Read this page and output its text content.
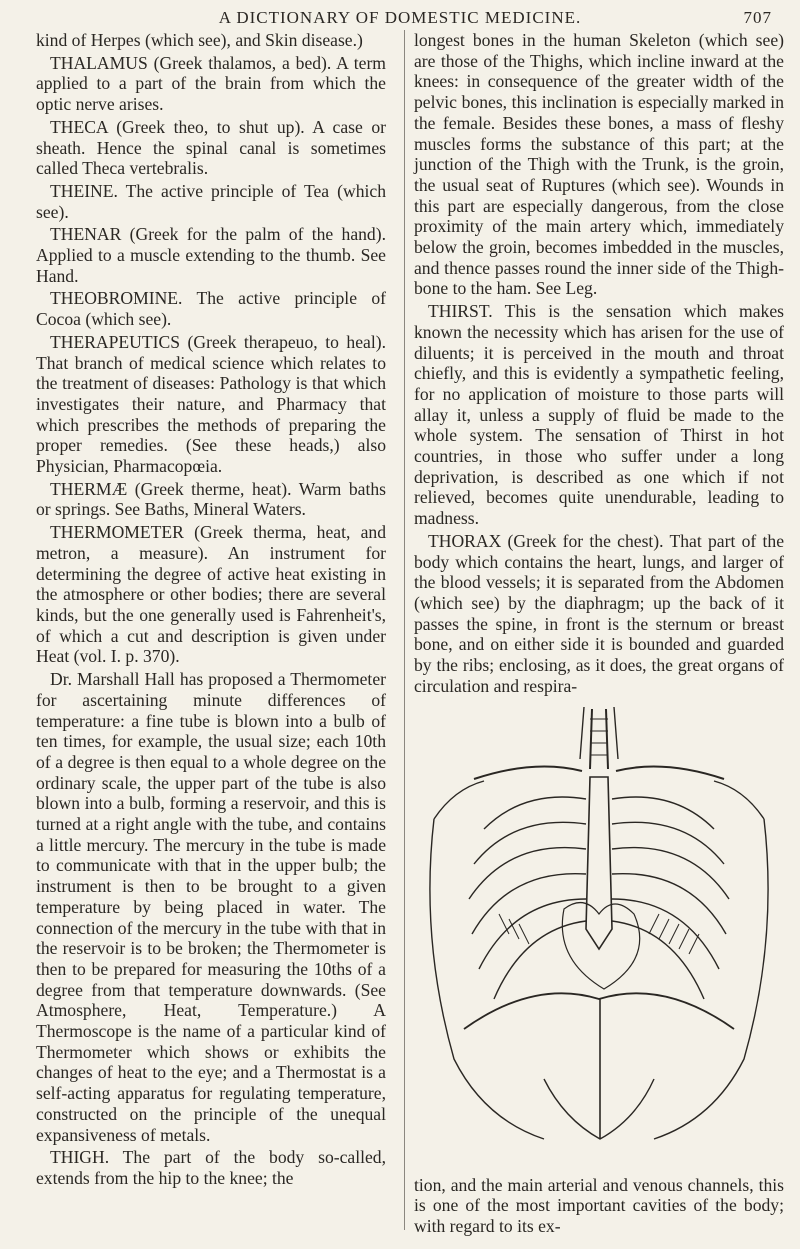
A DICTIONARY OF DOMESTIC MEDICINE.	707

kind of Herpes (which see), and Skin disease.)

THALAMUS (Greek thalamos, a bed). A term applied to a part of the brain from which the optic nerve arises.

THECA (Greek theo, to shut up). A case or sheath. Hence the spinal canal is sometimes called Theca vertebralis.

THEINE. The active principle of Tea (which see).

THENAR (Greek for the palm of the hand). Applied to a muscle extending to the thumb. See Hand.

THEOBROMINE. The active principle of Cocoa (which see).

THERAPEUTICS (Greek therapeuo, to heal). That branch of medical science which relates to the treatment of diseases: Pathology is that which investigates their nature, and Pharmacy that which prescribes the methods of preparing the proper remedies. (See these heads,) also Physician, Pharmacopœia.

THERMÆ (Greek therme, heat). Warm baths or springs. See Baths, Mineral Waters.

THERMOMETER (Greek therma, heat, and metron, a measure). An instrument for determining the degree of active heat existing in the atmosphere or other bodies; there are several kinds, but the one generally used is Fahrenheit's, of which a cut and description is given under Heat (vol. I. p. 370).

Dr. Marshall Hall has proposed a Thermometer for ascertaining minute differences of temperature: a fine tube is blown into a bulb of ten times, for example, the usual size; each 10th of a degree is then equal to a whole degree on the ordinary scale, the upper part of the tube is also blown into a bulb, forming a reservoir, and this is turned at a right angle with the tube, and contains a little mercury. The mercury in the tube is made to communicate with that in the upper bulb; the instrument is then to be brought to a given temperature by being placed in water. The connection of the mercury in the tube with that in the reservoir is to be broken; the Thermometer is then to be prepared for measuring the 10ths of a degree from that temperature downwards. (See Atmosphere, Heat, Temperature.) A Thermoscope is the name of a particular kind of Thermometer which shows or exhibits the changes of heat to the eye; and a Thermostat is a self-acting apparatus for regulating temperature, constructed on the principle of the unequal expansiveness of metals.

THIGH. The part of the body so-called, extends from the hip to the knee; the

longest bones in the human Skeleton (which see) are those of the Thighs, which incline inward at the knees: in consequence of the greater width of the pelvic bones, this inclination is especially marked in the female. Besides these bones, a mass of fleshy muscles forms the substance of this part; at the junction of the Thigh with the Trunk, is the groin, the usual seat of Ruptures (which see). Wounds in this part are especially dangerous, from the close proximity of the main artery which, immediately below the groin, becomes imbedded in the muscles, and thence passes round the inner side of the Thigh-bone to the ham. See Leg.

THIRST. This is the sensation which makes known the necessity which has arisen for the use of diluents; it is perceived in the mouth and throat chiefly, and this is evidently a sympathetic feeling, for no application of moisture to those parts will allay it, unless a supply of fluid be made to the whole system. The sensation of Thirst in hot countries, in those who suffer under a long deprivation, is described as one which if not relieved, becomes quite unendurable, leading to madness.

THORAX (Greek for the chest). That part of the body which contains the heart, lungs, and larger of the blood vessels; it is separated from the Abdomen (which see) by the diaphragm; up the back of it passes the spine, in front is the sternum or breast bone, and on either side it is bounded and guarded by the ribs; enclosing, as it does, the great organs of circulation and respira-

tion, and the main arterial and venous channels, this is one of the most important cavities of the body; with regard to its ex-
